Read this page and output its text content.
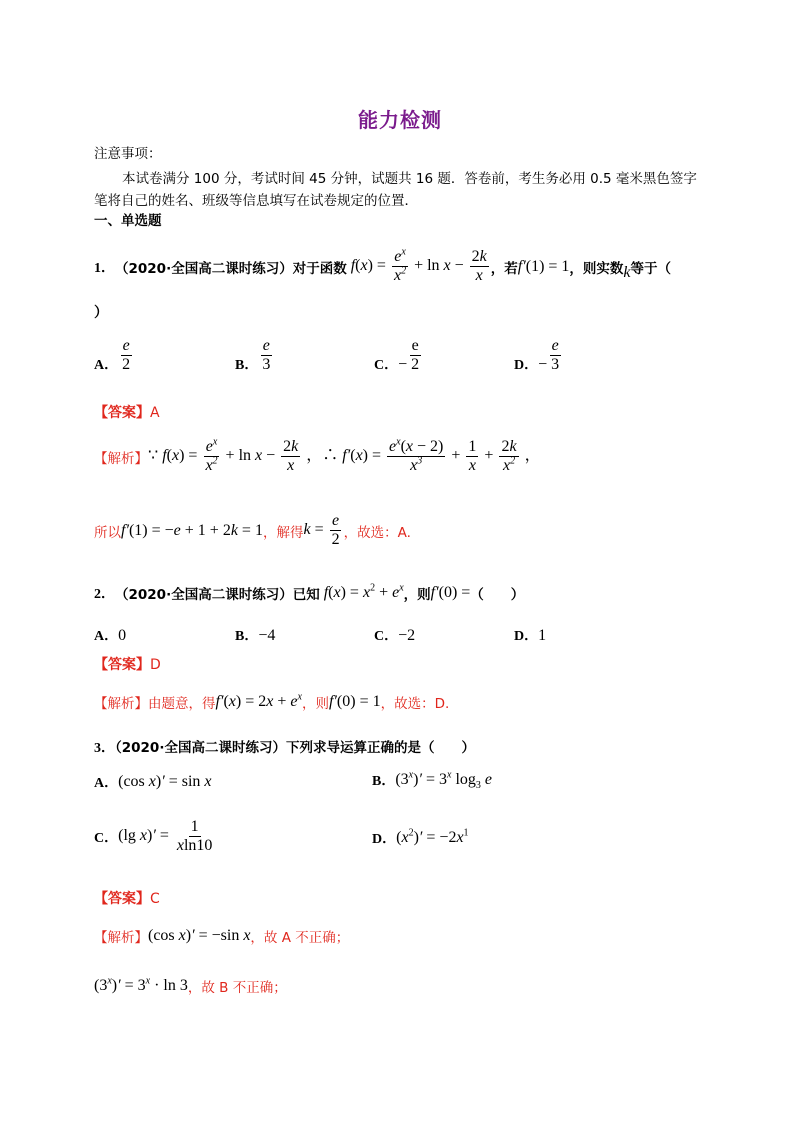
能力检测
注意事项：
本试卷满分 100 分，考试时间 45 分钟，试题共 16 题．答卷前，考生务必用 0.5 毫米黑色签字
笔将自己的姓名、班级等信息填写在试卷规定的位置．
一、单选题
1． （2020·全国高二课时练习） 对于函数 $f(x) = \frac{e^x}{x^2} + \ln x - \frac{2k}{x}$ ，若 f′(1) = 1 ，则实数 k 等于（
）
A． $\frac{e}{2}$	B． $\frac{e}{3}$	C． − $\frac{e}{2}$	D． − $\frac{e}{3}$
【答案】A
【解析】 ∵ $f(x) = \frac{e^x}{x^2} + \ln x - \frac{2k}{x}$ ，∴ $f'(x) = \frac{e^x(x - 2)}{x^3} + \frac{1}{x} + \frac{2k}{x^2}$ ，
所以 f′(1) = −e + 1 + 2k = 1 ，解得 $k = \frac{e}{2}$ ，故选：A.
2． （2020·全国高二课时练习） 已知 $f(x) = x^2 + e^x$ ，则 f′(0) = （　　）
A．0	B．−4	C．−2	D．1
【答案】D
【解析】 由题意，得 $f'(x) = 2x + e^x$ ，则 f′(0) = 1 ，故选：D.
3．（2020·全国高二课时练习）下列求导运算正确的是（　　）
A． (cos x)′ = sin x	B． $(3^x)' = 3^x$ $\log_3 e$
C． (lg $x)' = \frac{1}{xln10}$	D． $(x^2)' = -2x^1$
【答案】C
【解析】 (cos x)′ = −sin x ，故 A 不正确；
$(3^x)' = 3^x \cdot \ln 3$ ，故 B 不正确；
